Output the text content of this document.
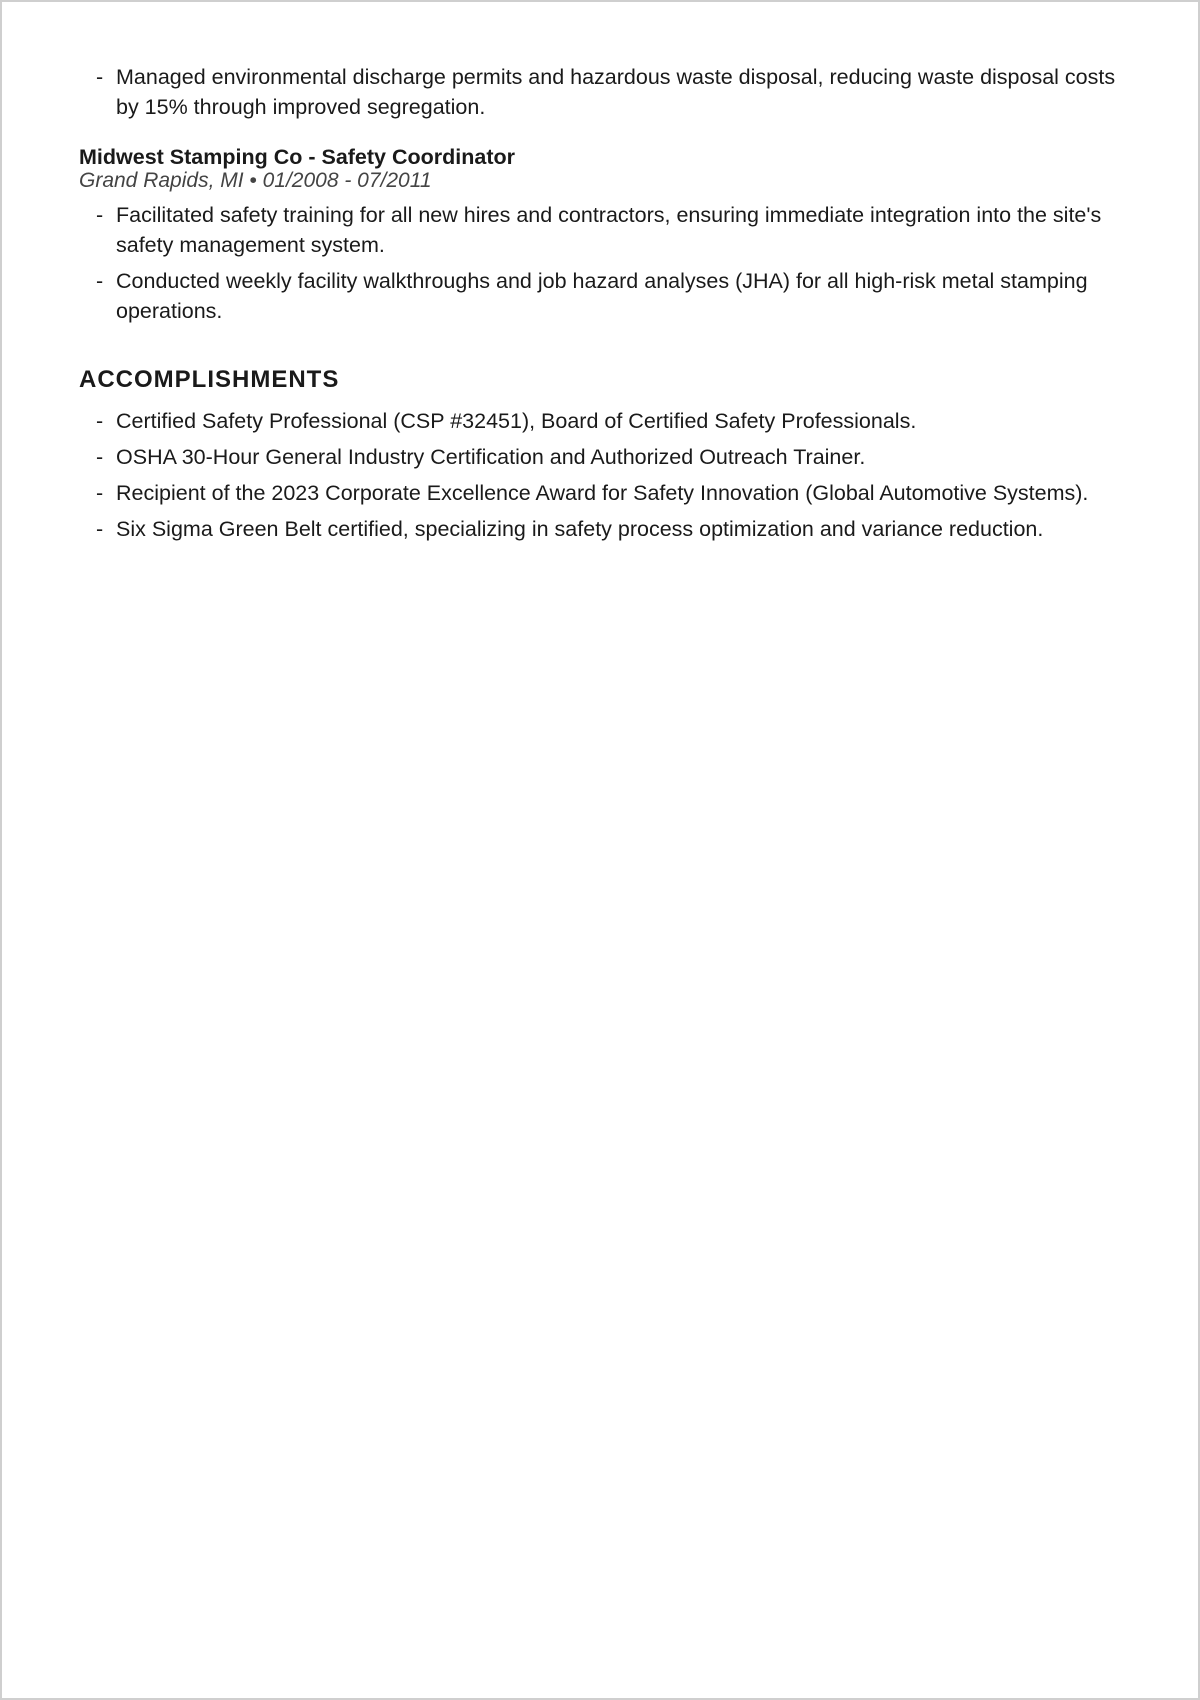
- Managed environmental discharge permits and hazardous waste disposal, reducing waste disposal costs by 15% through improved segregation.
Midwest Stamping Co - Safety Coordinator
Grand Rapids, MI • 01/2008 - 07/2011
- Facilitated safety training for all new hires and contractors, ensuring immediate integration into the site's safety management system.
- Conducted weekly facility walkthroughs and job hazard analyses (JHA) for all high-risk metal stamping operations.
ACCOMPLISHMENTS
- Certified Safety Professional (CSP #32451), Board of Certified Safety Professionals.
- OSHA 30-Hour General Industry Certification and Authorized Outreach Trainer.
- Recipient of the 2023 Corporate Excellence Award for Safety Innovation (Global Automotive Systems).
- Six Sigma Green Belt certified, specializing in safety process optimization and variance reduction.
